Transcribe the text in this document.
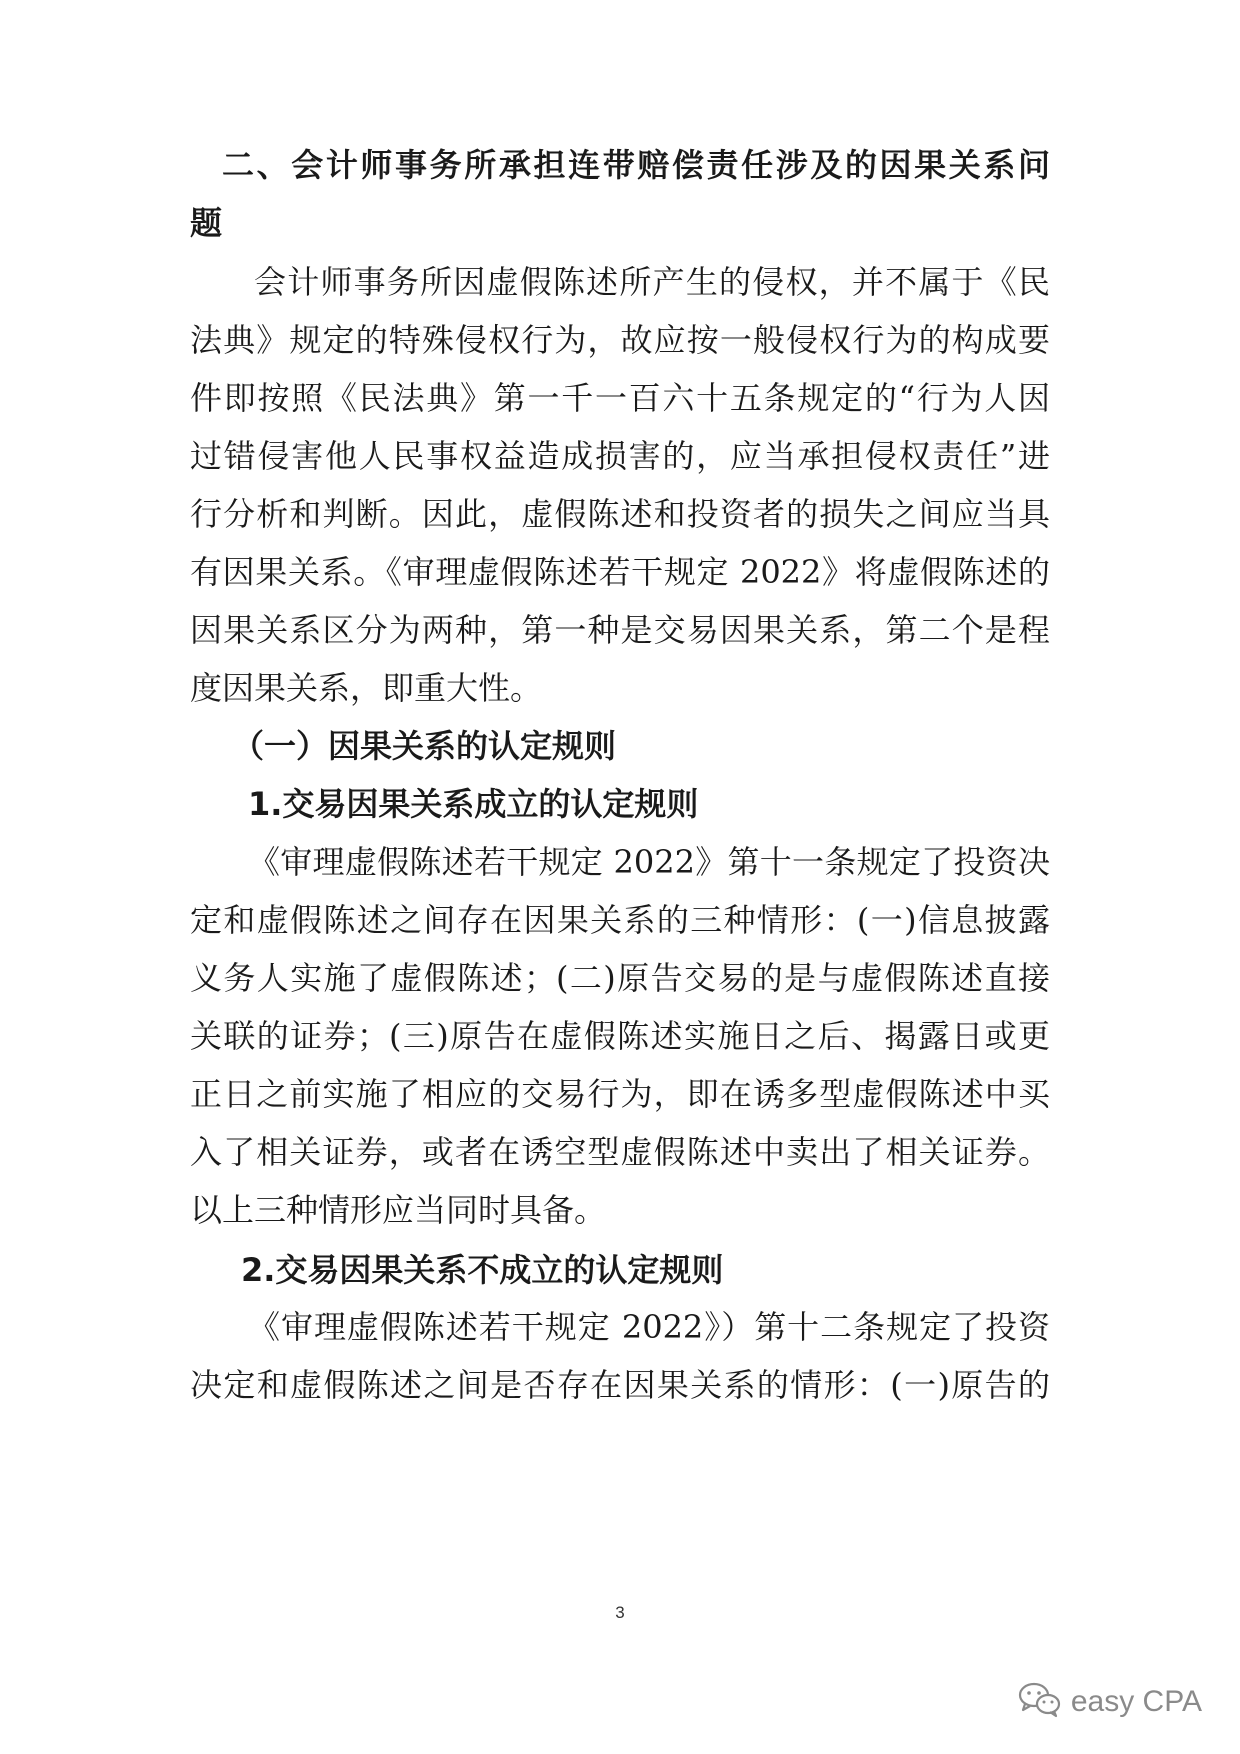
二、会计师事务所承担连带赔偿责任涉及的因果关系问
题
会计师事务所因虚假陈述所产生的侵权，并不属于《民
法典》规定的特殊侵权行为，故应按一般侵权行为的构成要
件即按照《民法典》第一千一百六十五条规定的“行为人因
过错侵害他人民事权益造成损害的，应当承担侵权责任”进
行分析和判断。因此，虚假陈述和投资者的损失之间应当具
有因果关系。《审理虚假陈述若干规定 2022》将虚假陈述的
因果关系区分为两种，第一种是交易因果关系，第二个是程
度因果关系，即重大性。
（一）因果关系的认定规则
1.交易因果关系成立的认定规则
《审理虚假陈述若干规定 2022》第十一条规定了投资决
定和虚假陈述之间存在因果关系的三种情形：(一)信息披露
义务人实施了虚假陈述；(二)原告交易的是与虚假陈述直接
关联的证券；(三)原告在虚假陈述实施日之后、揭露日或更
正日之前实施了相应的交易行为，即在诱多型虚假陈述中买
入了相关证券，或者在诱空型虚假陈述中卖出了相关证券。
以上三种情形应当同时具备。
2.交易因果关系不成立的认定规则
《审理虚假陈述若干规定 2022》）第十二条规定了投资
决定和虚假陈述之间是否存在因果关系的情形：(一)原告的
3
easy CPA
